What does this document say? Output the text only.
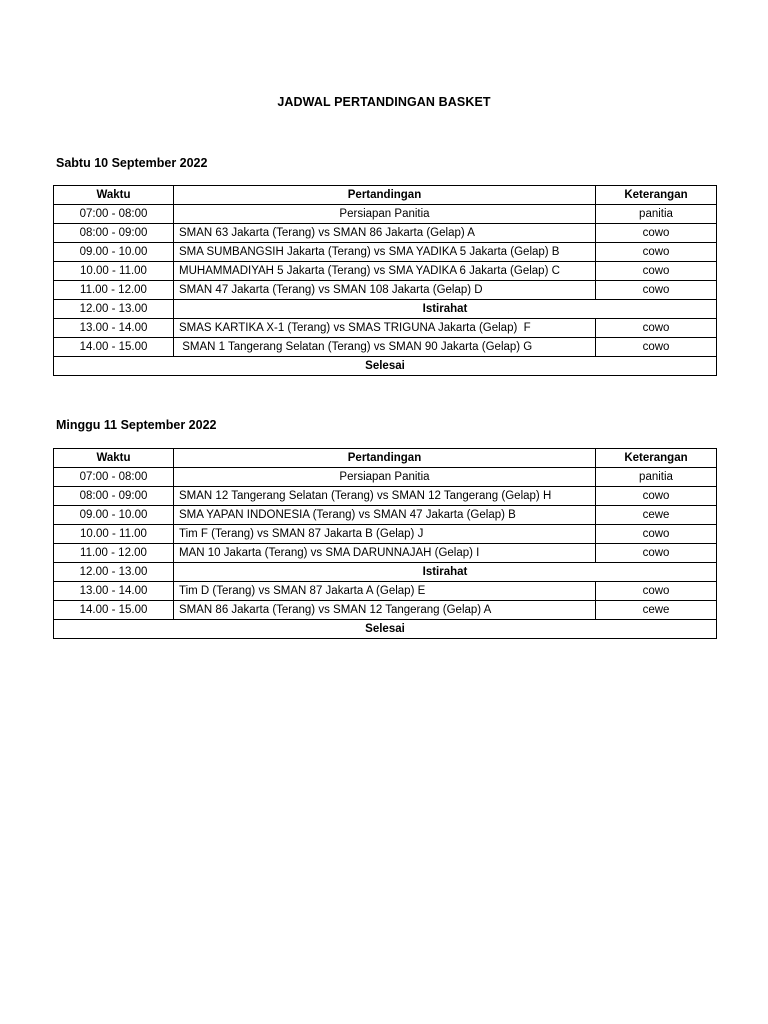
JADWAL PERTANDINGAN BASKET
Sabtu 10 September 2022
Waktu	Pertandingan	Keterangan
07:00 - 08:00	Persiapan Panitia	panitia
08:00 - 09:00	SMAN 63 Jakarta (Terang) vs SMAN 86 Jakarta (Gelap) A	cowo
09.00 - 10.00	SMA SUMBANGSIH Jakarta (Terang) vs SMA YADIKA 5 Jakarta (Gelap) B	cowo
10.00 - 11.00	MUHAMMADIYAH 5 Jakarta (Terang) vs SMA YADIKA 6 Jakarta (Gelap) C	cowo
11.00 - 12.00	SMAN 47 Jakarta (Terang) vs SMAN 108 Jakarta (Gelap) D	cowo
12.00 - 13.00	Istirahat	
13.00 - 14.00	SMAS KARTIKA X-1 (Terang) vs SMAS TRIGUNA Jakarta (Gelap)  F	cowo
14.00 - 15.00	SMAN 1 Tangerang Selatan (Terang) vs SMAN 90 Jakarta (Gelap) G	cowo
Selesai		
Minggu 11 September 2022
Waktu	Pertandingan	Keterangan
07:00 - 08:00	Persiapan Panitia	panitia
08:00 - 09:00	SMAN 12 Tangerang Selatan (Terang) vs SMAN 12 Tangerang (Gelap) H	cowo
09.00 - 10.00	SMA YAPAN INDONESIA (Terang) vs SMAN 47 Jakarta (Gelap) B	cewe
10.00 - 11.00	Tim F (Terang) vs SMAN 87 Jakarta B (Gelap) J	cowo
11.00 - 12.00	MAN 10 Jakarta (Terang) vs SMA DARUNNAJAH (Gelap) I	cowo
12.00 - 13.00	Istirahat	
13.00 - 14.00	Tim D (Terang) vs SMAN 87 Jakarta A (Gelap) E	cowo
14.00 - 15.00	SMAN 86 Jakarta (Terang) vs SMAN 12 Tangerang (Gelap) A	cewe
Selesai		
